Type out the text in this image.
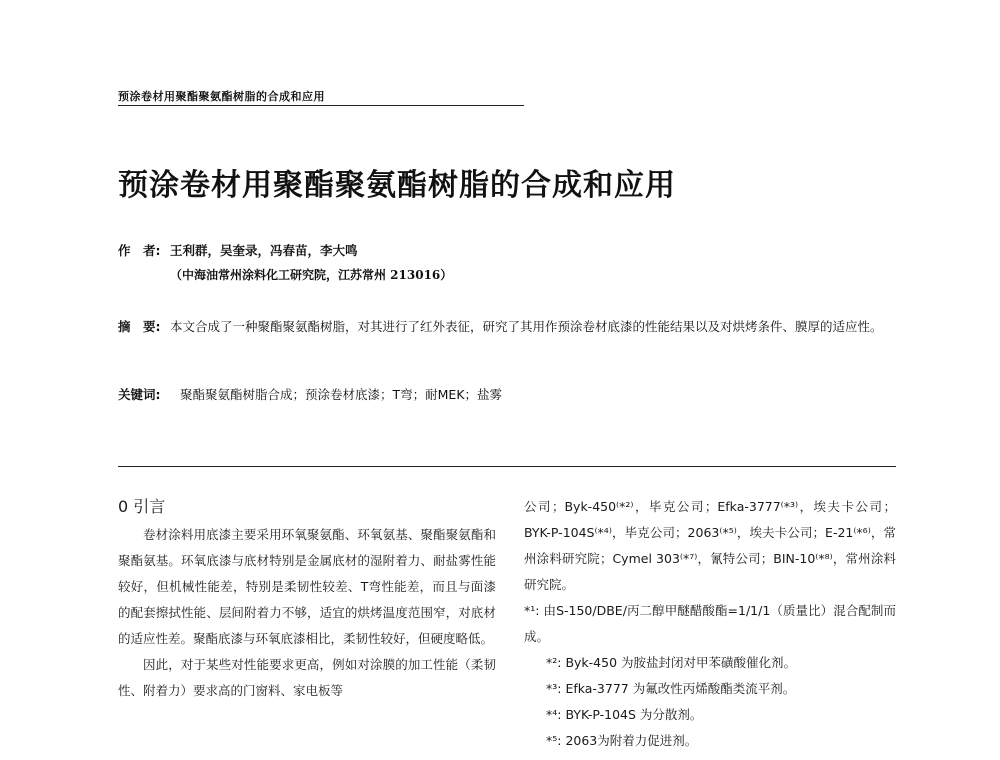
预涂卷材用聚酯聚氨酯树脂的合成和应用
预涂卷材用聚酯聚氨酯树脂的合成和应用
作　者: 王利群，吴奎录，冯春苗，李大鸣
（中海油常州涂料化工研究院，江苏常州 213016）
摘　要: 本文合成了一种聚酯聚氨酯树脂，对其进行了红外表征，研究了其用作预涂卷材底漆的性能结果以及对烘烤条件、膜厚的适应性。
关键词:	聚酯聚氨酯树脂合成；预涂卷材底漆；T弯；耐MEK；盐雾
0 引言

卷材涂料用底漆主要采用环氧聚氨酯、环氧氨基、聚酯聚氨酯和聚酯氨基。环氧底漆与底材特别是金属底材的湿附着力、耐盐雾性能较好，但机械性能差，特别是柔韧性较差、T弯性能差，而且与面漆的配套擦拭性能、层间附着力不够，适宜的烘烤温度范围窄，对底材的适应性差。聚酯底漆与环氧底漆相比，柔韧性较好，但硬度略低。

因此，对于某些对性能要求更高，例如对涂膜的加工性能（柔韧性、附着力）要求高的门窗料、家电板等

公司；Byk-450⁽*²⁾，毕克公司；Efka-3777⁽*³⁾，埃夫卡公司；BYK-P-104S⁽*⁴⁾，毕克公司；2063⁽*⁵⁾，埃夫卡公司；E-21⁽*⁶⁾，常州涂料研究院；Cymel 303⁽*⁷⁾，氰特公司；BIN-10⁽*⁸⁾，常州涂料研究院。

*¹: 由S-150/DBE/丙二醇甲醚醋酸酯=1/1/1（质量比）混合配制而成。

*²: Byk-450 为胺盐封闭对甲苯磺酸催化剂。

*³: Efka-3777 为氟改性丙烯酸酯类流平剂。

*⁴: BYK-P-104S 为分散剂。

*⁵: 2063为附着力促进剂。
